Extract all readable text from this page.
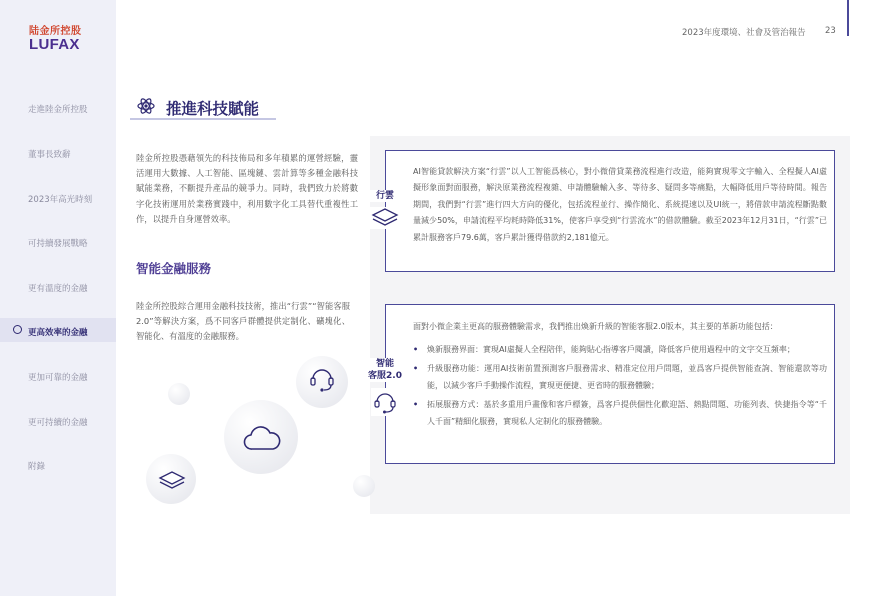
陆金所控股
LUFAX
走進陸金所控股
董事長致辭
2023年高光時刻
可持續發展戰略
更有溫度的金融
更高效率的金融
更加可靠的金融
更可持續的金融
附錄
2023年度環境、社會及管治報告 23
推進科技賦能
陸金所控股憑藉領先的科技佈局和多年積累的運營經驗，靈活運用大數據、人工智能、區塊鏈、雲計算等多種金融科技賦能業務，不斷提升產品的競爭力。同時，我們致力於將數字化技術運用於業務實踐中，利用數字化工具替代重複性工作，以提升自身運營效率。
智能金融服務
陸金所控股綜合運用金融科技技術，推出“行雲”“智能客服2.0”等解決方案，爲不同客戶群體提供定制化、礦塊化、智能化、有溫度的金融服務。
AI智能貸款解決方案“行雲”以人工智能爲核心，對小微借貸業務流程進行改造，能夠實現零文字輸入、全程擬人AI虛擬形象面對面服務，解決原業務流程複雜、申請體驗輸入多、等待多、疑問多等痛點，大幅降低用戶等待時間。報告期間，我們對“行雲”進行四大方向的優化，包括流程並行、操作簡化、系統提速以及UI統一，將借款申請流程斷點數量減少50%，申請流程平均耗時降低31%，使客戶享受到“行雲流水”的借款體驗。截至2023年12月31日，“行雲”已累計服務客戶79.6萬，客戶累計獲得借款約2,181億元。
行雲
面對小微企業主更高的服務體驗需求，我們推出煥新升級的智能客服2.0版本，其主要的革新功能包括：
• 煥新服務界面：實現AI虛擬人全程陪伴，能夠貼心指導客戶閱讀，降低客戶使用過程中的文字交互頻率；
• 升級服務功能：運用AI技術前置預測客戶服務需求、精准定位用戶問題，並爲客戶提供智能查詢、智能還款等功能，以減少客戶手動操作流程，實現更便捷、更省時的服務體驗；
• 拓展服務方式：基於多重用戶畫像和客戶標簽，爲客戶提供個性化歡迎語、熱點問題、功能列表、快捷指令等“千人千面”精細化服務，實現私人定制化的服務體驗。
智能
客服2.0
